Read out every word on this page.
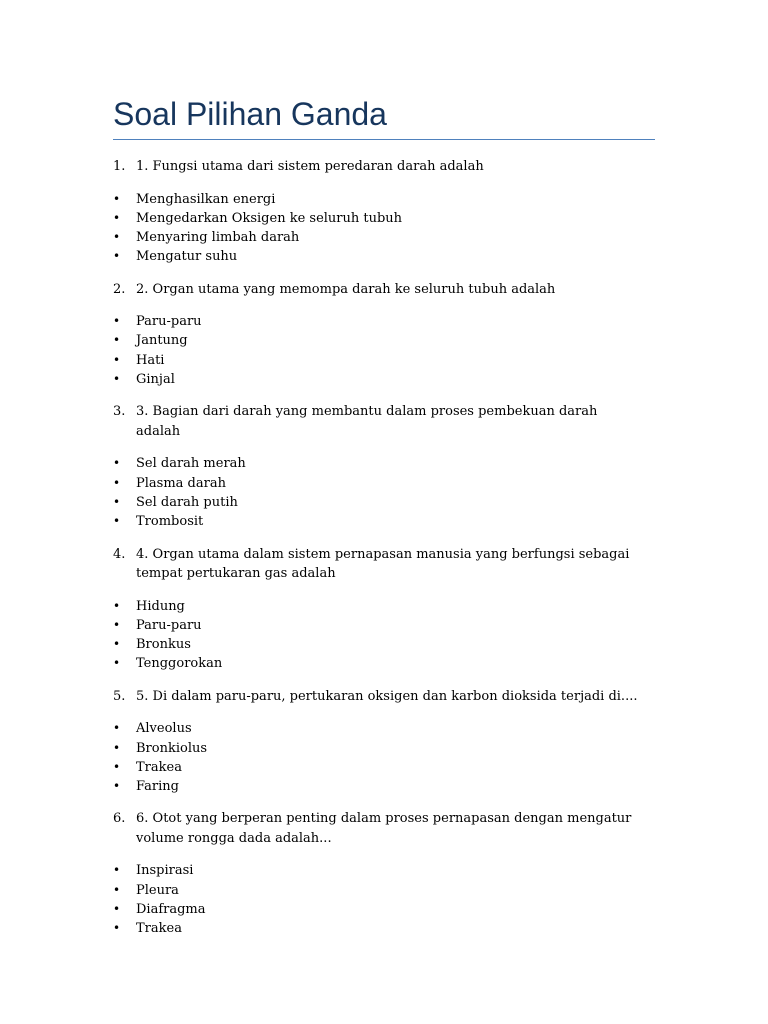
Soal Pilihan Ganda
1. 1. Fungsi utama dari sistem peredaran darah adalah
• Menghasilkan energi
• Mengedarkan Oksigen ke seluruh tubuh
• Menyaring limbah darah
• Mengatur suhu
2. 2. Organ utama yang memompa darah ke seluruh tubuh adalah
• Paru-paru
• Jantung
• Hati
• Ginjal
3. 3. Bagian dari darah yang membantu dalam proses pembekuan darah adalah
• Sel darah merah
• Plasma darah
• Sel darah putih
• Trombosit
4. 4. Organ utama dalam sistem pernapasan manusia yang berfungsi sebagai tempat pertukaran gas adalah
• Hidung
• Paru-paru
• Bronkus
• Tenggorokan
5. 5. Di dalam paru-paru, pertukaran oksigen dan karbon dioksida terjadi di....
• Alveolus
• Bronkiolus
• Trakea
• Faring
6. 6. Otot yang berperan penting dalam proses pernapasan dengan mengatur volume rongga dada adalah...
• Inspirasi
• Pleura
• Diafragma
• Trakea
